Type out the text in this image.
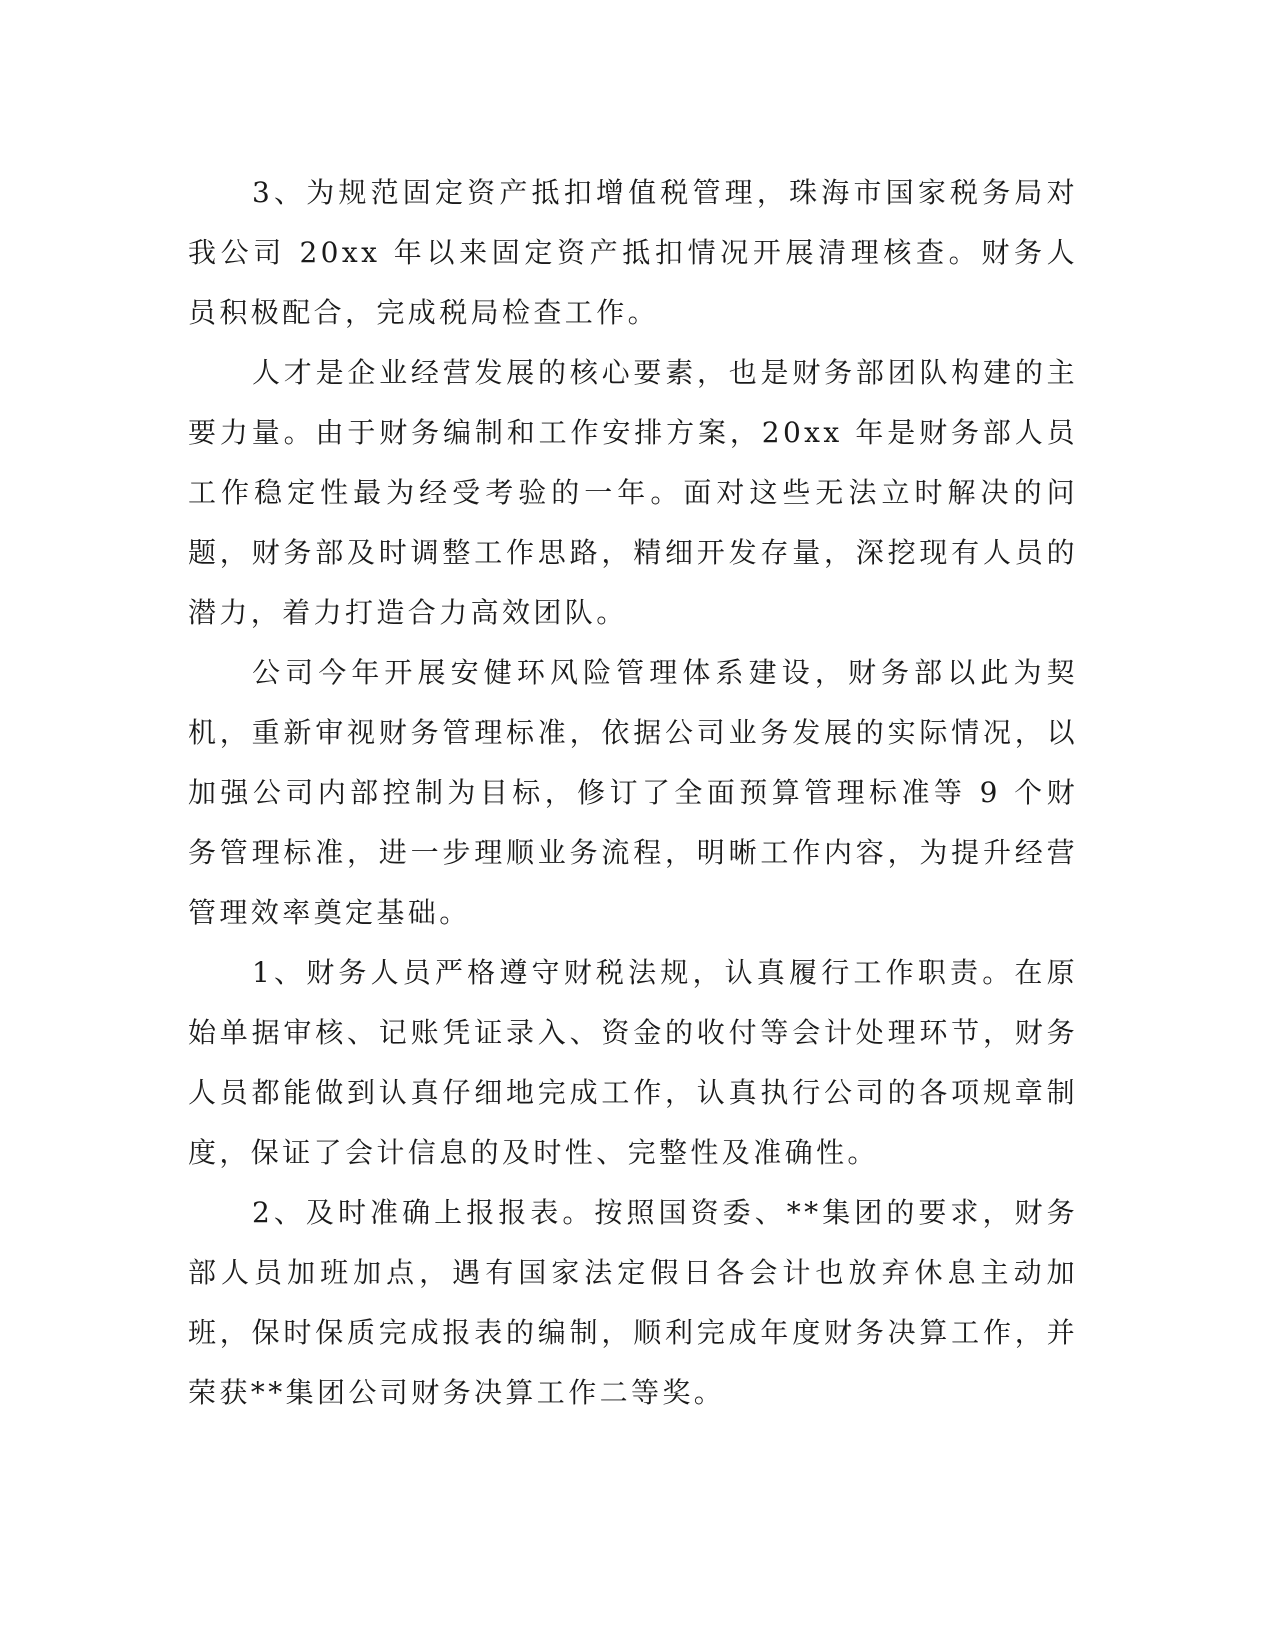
3、为规范固定资产抵扣增值税管理，珠海市国家税务局对我公司 20xx 年以来固定资产抵扣情况开展清理核查。财务人员积极配合，完成税局检查工作。

人才是企业经营发展的核心要素，也是财务部团队构建的主要力量。由于财务编制和工作安排方案，20xx 年是财务部人员工作稳定性最为经受考验的一年。面对这些无法立时解决的问题，财务部及时调整工作思路，精细开发存量，深挖现有人员的潜力，着力打造合力高效团队。

公司今年开展安健环风险管理体系建设，财务部以此为契机，重新审视财务管理标准，依据公司业务发展的实际情况，以加强公司内部控制为目标，修订了全面预算管理标准等 9 个财务管理标准，进一步理顺业务流程，明晰工作内容，为提升经营管理效率奠定基础。

1、财务人员严格遵守财税法规，认真履行工作职责。在原始单据审核、记账凭证录入、资金的收付等会计处理环节，财务人员都能做到认真仔细地完成工作，认真执行公司的各项规章制度，保证了会计信息的及时性、完整性及准确性。

2、及时准确上报报表。按照国资委、**集团的要求，财务部人员加班加点，遇有国家法定假日各会计也放弃休息主动加班，保时保质完成报表的编制，顺利完成年度财务决算工作，并荣获**集团公司财务决算工作二等奖。
